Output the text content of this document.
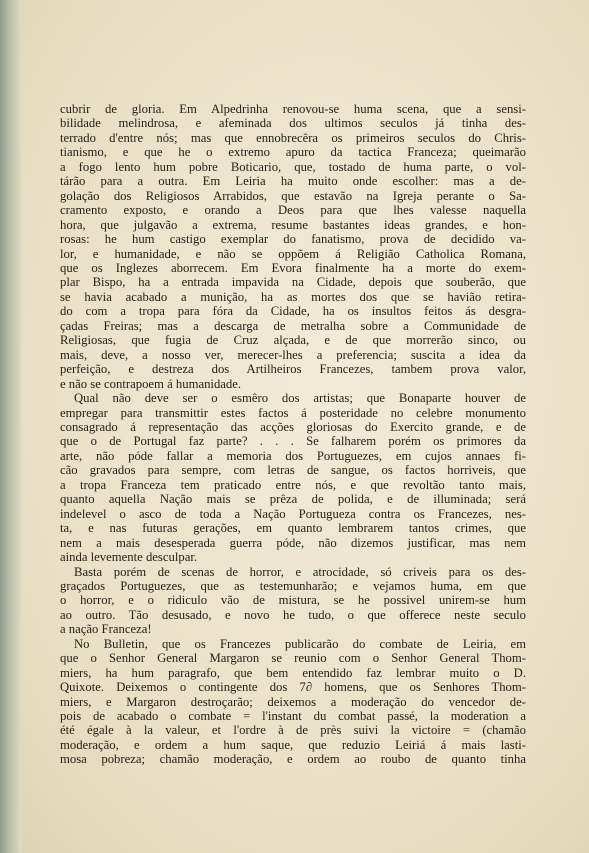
cubrir de gloria. Em Alpedrinha renovou-se huma scena, que a sensi-
bilidade melindrosa, e afeminada dos ultimos seculos já tinha des-
terrado d'entre nós; mas que ennobrecêra os primeiros seculos do Chris-
tianismo, e que he o extremo apuro da tactica Franceza; queimarão
a fogo lento hum pobre Boticario, que, tostado de huma parte, o vol-
tárão para a outra. Em Leiria ha muito onde escolher: mas a de-
golação dos Religiosos Arrabidos, que estavão na Igreja perante o Sa-
cramento exposto, e orando a Deos para que lhes valesse naquella
hora, que julgavão a extrema, resume bastantes ideas grandes, e hon-
rosas: he hum castigo exemplar do fanatismo, prova de decidido va-
lor, e humanidade, e não se oppõem á Religião Catholica Romana,
que os Inglezes aborrecem. Em Evora finalmente ha a morte do exem-
plar Bispo, ha a entrada impavida na Cidade, depois que souberão, que
se havia acabado a munição, ha as mortes dos que se havião retira-
do com a tropa para fóra da Cidade, ha os insultos feitos ás desgra-
çadas Freiras; mas a descarga de metralha sobre a Communidade de
Religiosas, que fugia de Cruz alçada, e de que morrerão sinco, ou
mais, deve, a nosso ver, merecer-lhes a preferencia; suscita a idea da
perfeição, e destreza dos Artilheiros Francezes, tambem prova valor,
e não se contrapoem á humanidade.
Qual não deve ser o esmêro dos artistas; que Bonaparte houver de
empregar para transmittir estes factos á posteridade no celebre monumento
consagrado á representação das acções gloriosas do Exercito grande, e de
que o de Portugal faz parte? . . . Se falharem porém os primores da
arte, não póde fallar a memoria dos Portuguezes, em cujos annaes fi-
cão gravados para sempre, com letras de sangue, os factos horriveis, que
a tropa Franceza tem praticado entre nós, e que revoltão tanto mais,
quanto aquella Nação mais se prêza de polida, e de illuminada; será
indelevel o asco de toda a Nação Portugueza contra os Francezes, nes-
ta, e nas futuras gerações, em quanto lembrarem tantos crimes, que
nem a mais desesperada guerra póde, não dizemos justificar, mas nem
ainda levemente desculpar.
Basta porém de scenas de horror, e atrocidade, só criveis para os des-
graçados Portuguezes, que as testemunharão; e vejamos huma, em que
o horror, e o ridiculo vão de mistura, se he possivel unirem-se hum
ao outro. Tão desusado, e novo he tudo, o que offerece neste seculo
a nação Franceza!
No Bulletin, que os Francezes publicarão do combate de Leiria, em
que o Senhor General Margaron se reunio com o Senhor General Thom-
miers, ha hum paragrafo, que bem entendido faz lembrar muito o D.
Quixote. Deixemos o contingente dos 7∂ homens, que os Senhores Thom-
miers, e Margaron destroçarão; deixemos a moderação do vencedor de-
pois de acabado o combate = l'instant du combat passé, la moderation a
été égale à la valeur, et l'ordre à de près suivi la victoire = (chamão
moderação, e ordem a hum saque, que reduzio Leiriá á mais lasti-
mosa pobreza; chamão moderação, e ordem ao roubo de quanto tinha
